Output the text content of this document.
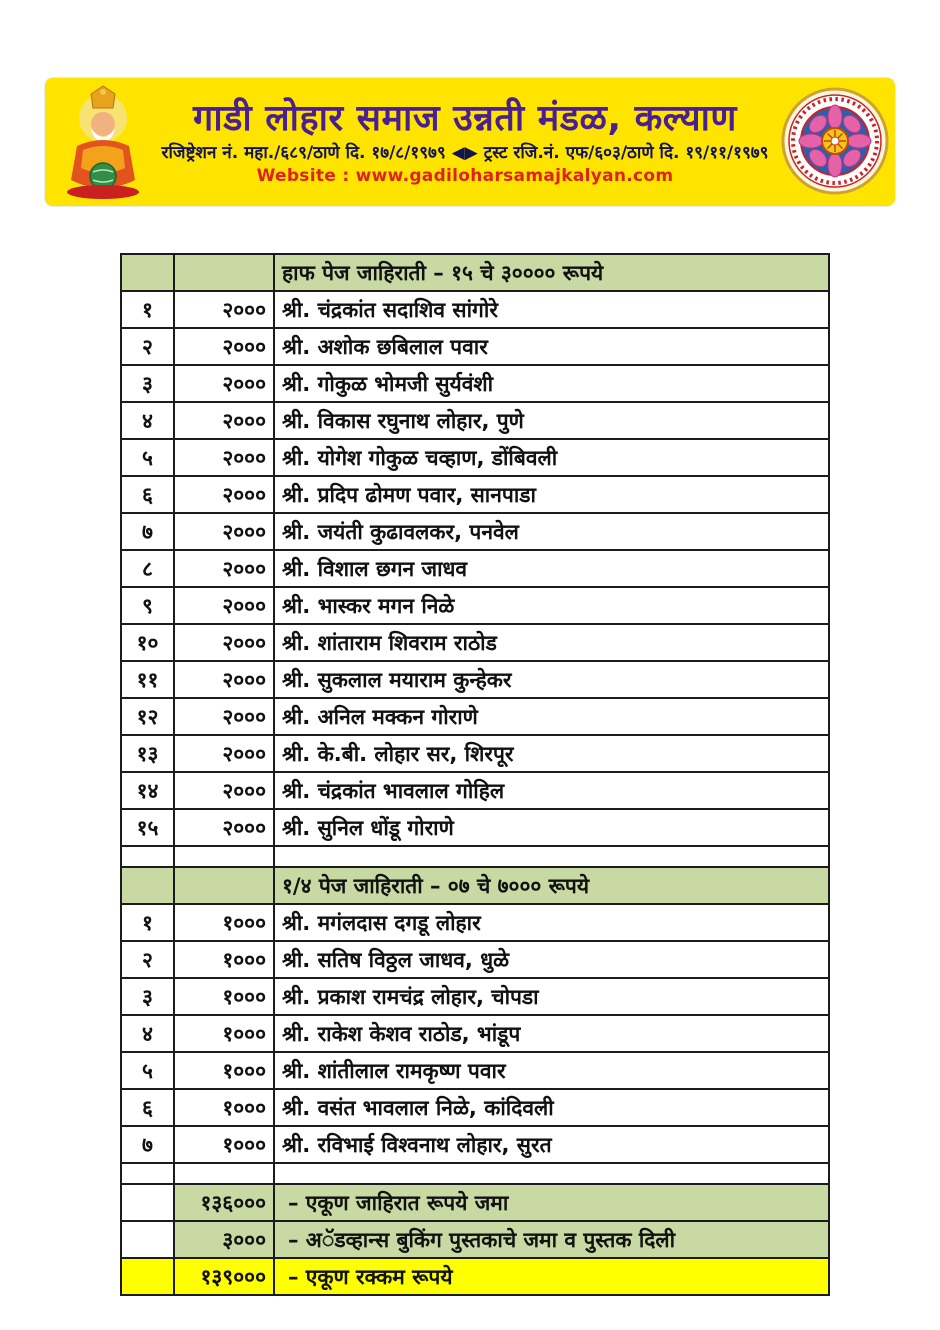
गाडी लोहार समाज उन्नती मंडळ, कल्याण
रजिष्ट्रेशन नं. महा./६८९/ठाणे दि. १७/८/१९७९ ◀▶ ट्रस्ट रजि.नं. एफ/६०३/ठाणे दि. १९/११/१९७९
Website : www.gadiloharsamajkalyan.com
		हाफ पेज जाहिराती – १५ चे ३०००० रूपये
१	२०००	श्री. चंद्रकांत सदाशिव सांगोरे
२	२०००	श्री. अशोक छबिलाल पवार
३	२०००	श्री. गोकुळ भोमजी सुर्यवंशी
४	२०००	श्री. विकास रघुनाथ लोहार, पुणे
५	२०००	श्री. योगेश गोकुळ चव्हाण, डोंबिवली
६	२०००	श्री. प्रदिप ढोमण पवार, सानपाडा
७	२०००	श्री. जयंती कुढावलकर, पनवेल
८	२०००	श्री. विशाल छगन जाधव
९	२०००	श्री. भास्कर मगन निळे
१०	२०००	श्री. शांताराम शिवराम राठोड
११	२०००	श्री. सुकलाल मयाराम कुन्हेकर
१२	२०००	श्री. अनिल मक्कन गोराणे
१३	२०००	श्री. के.बी. लोहार सर, शिरपूर
१४	२०००	श्री. चंद्रकांत भावलाल गोहिल
१५	२०००	श्री. सुनिल धोंडू गोराणे

		१/४ पेज जाहिराती – ०७ चे ७००० रूपये
१	१०००	श्री. मगंलदास दगडू लोहार
२	१०००	श्री. सतिष विठ्ठल जाधव, धुळे
३	१०००	श्री. प्रकाश रामचंद्र लोहार, चोपडा
४	१०००	श्री. राकेश केशव राठोड, भांडूप
५	१०००	श्री. शांतीलाल रामकृष्ण पवार
६	१०००	श्री. वसंत भावलाल निळे, कांदिवली
७	१०००	श्री. रविभाई विश्वनाथ लोहार, सुरत

	१३६०००	– एकूण जाहिरात रूपये जमा
	३०००	– अॅडव्हान्स बुकिंग पुस्तकाचे जमा व पुस्तक दिली
	१३९०००	– एकूण रक्कम रूपये
